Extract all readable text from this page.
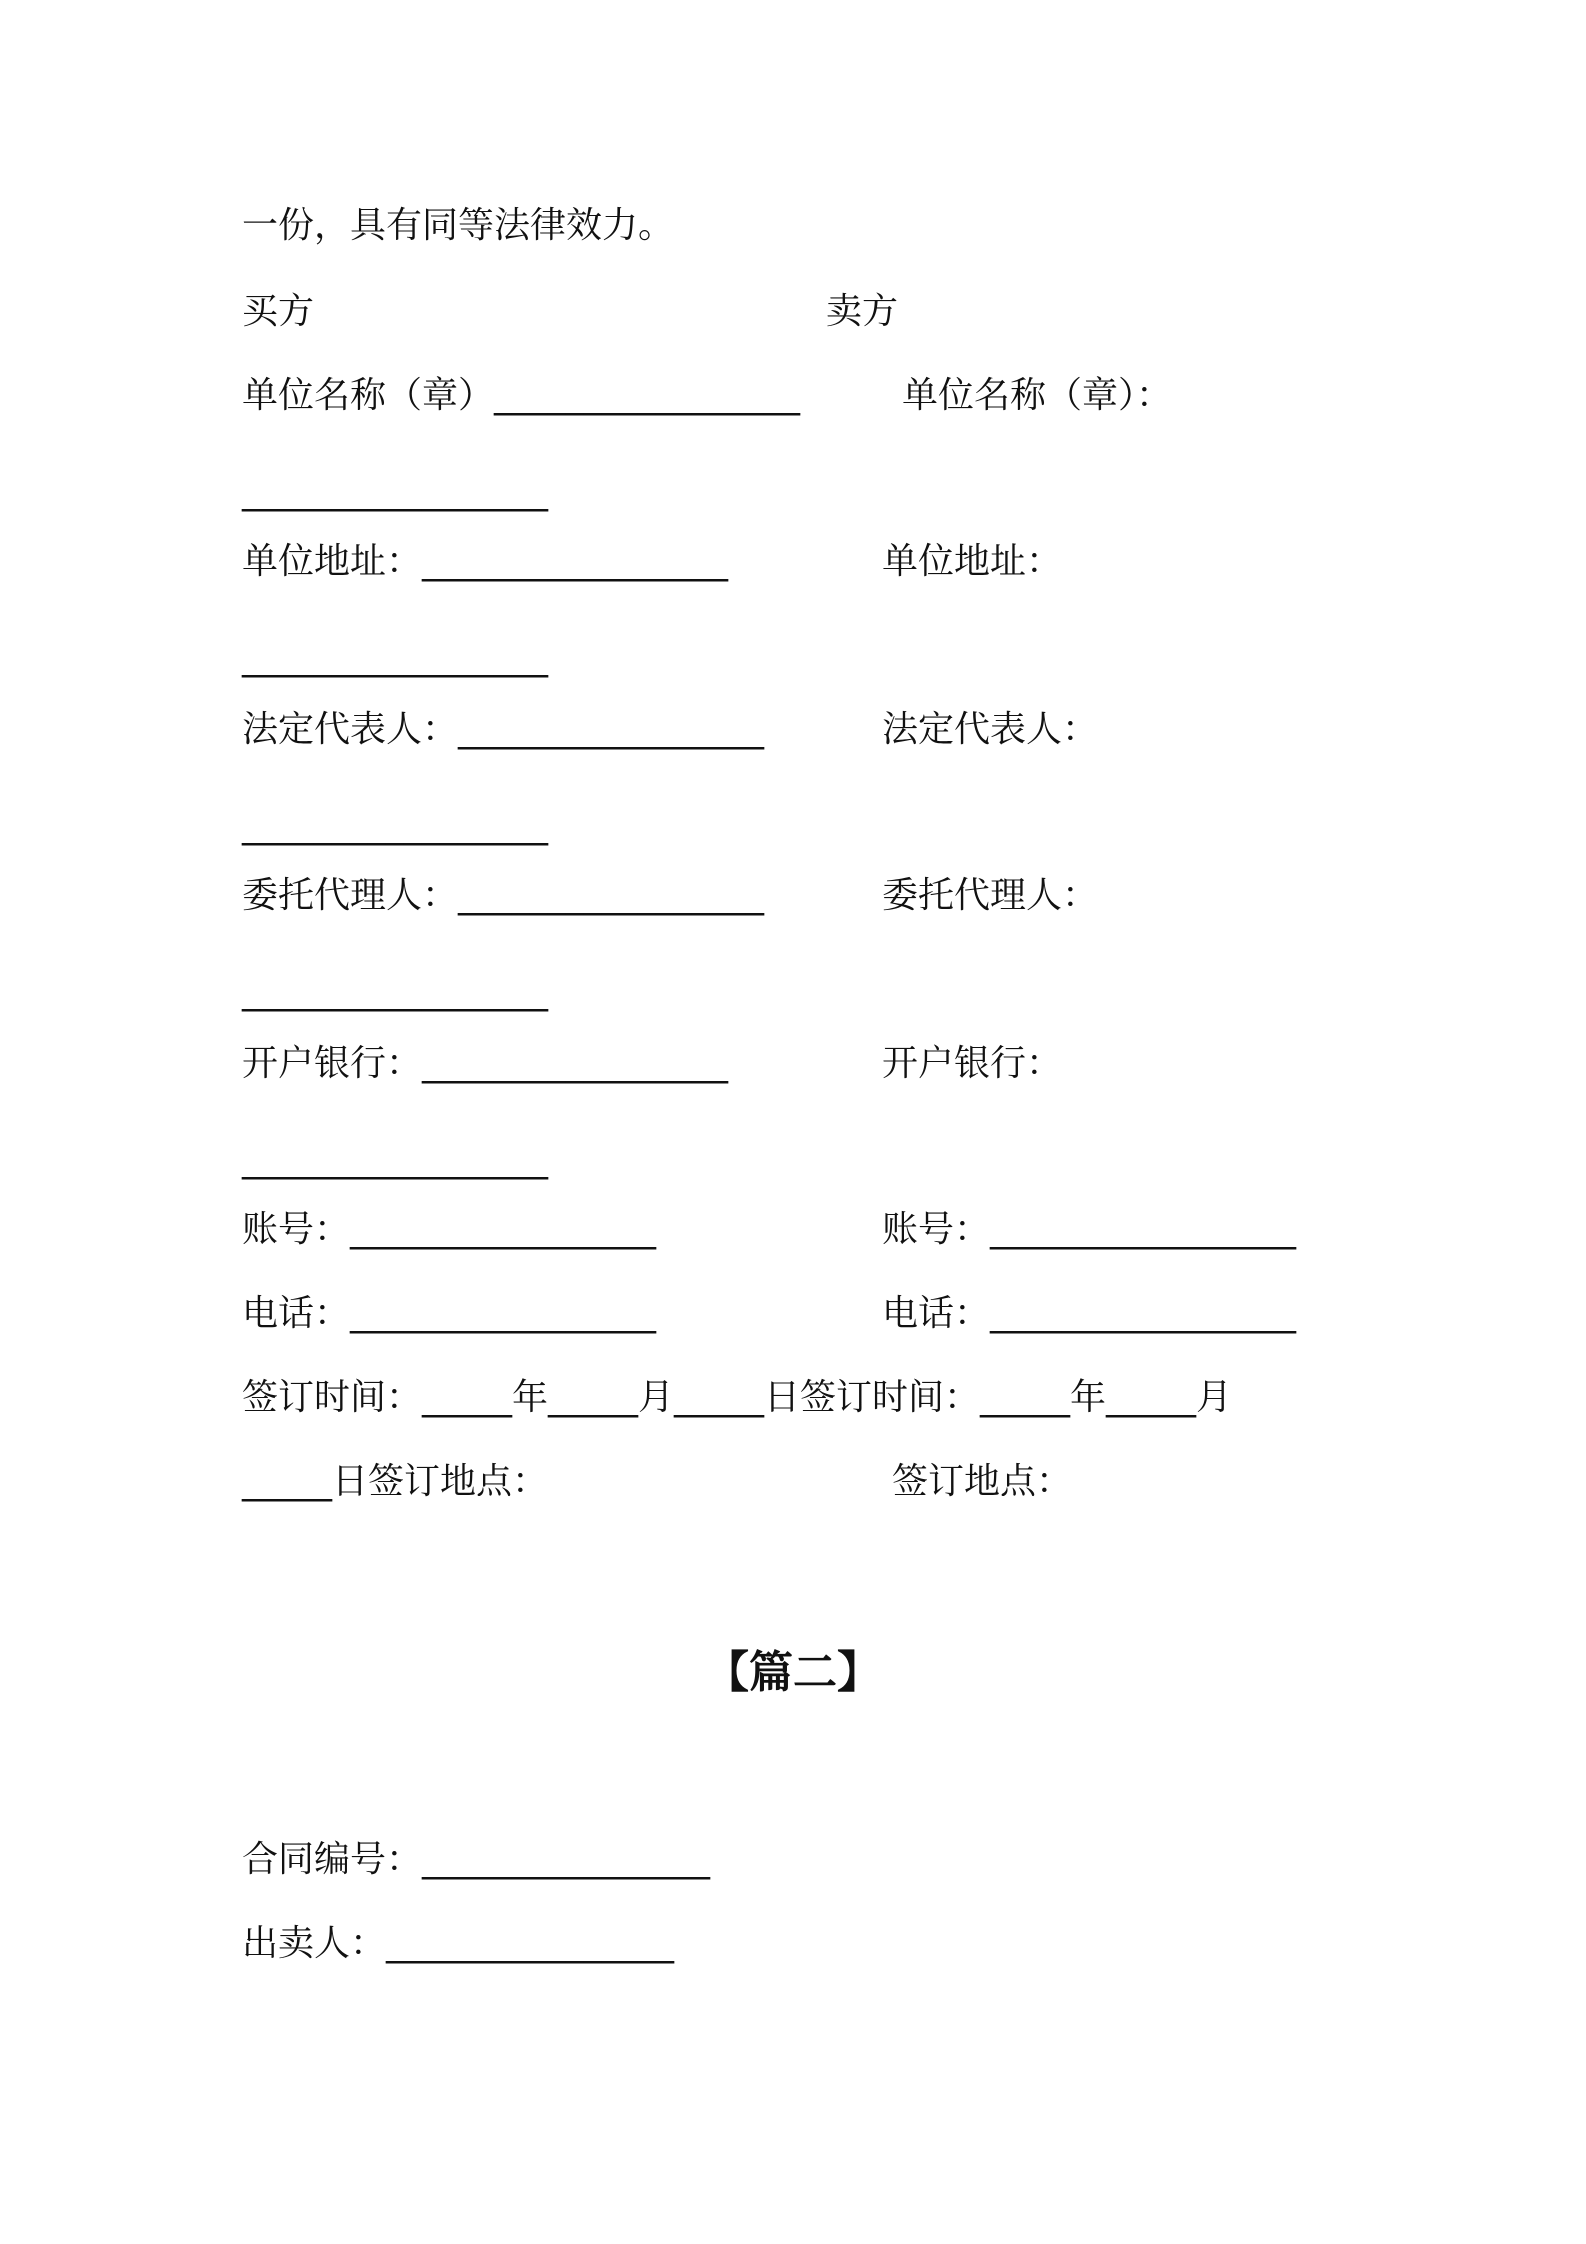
一份，具有同等法律效力。
买方	卖方
单位名称（章）_________________	单位名称（章）：
_________________
单位地址：_________________	单位地址：
_________________
法定代表人：_________________	法定代表人：
_________________
委托代理人：_________________	委托代理人：
_________________
开户银行：_________________	开户银行：
_________________
账号：_________________	账号：_________________
电话：_________________	电话：_________________
签订时间：_____年_____月_____日签订时间：_____年_____月
_____日签订地点：	签订地点：
【篇二】
合同编号：________________
出卖人：________________
